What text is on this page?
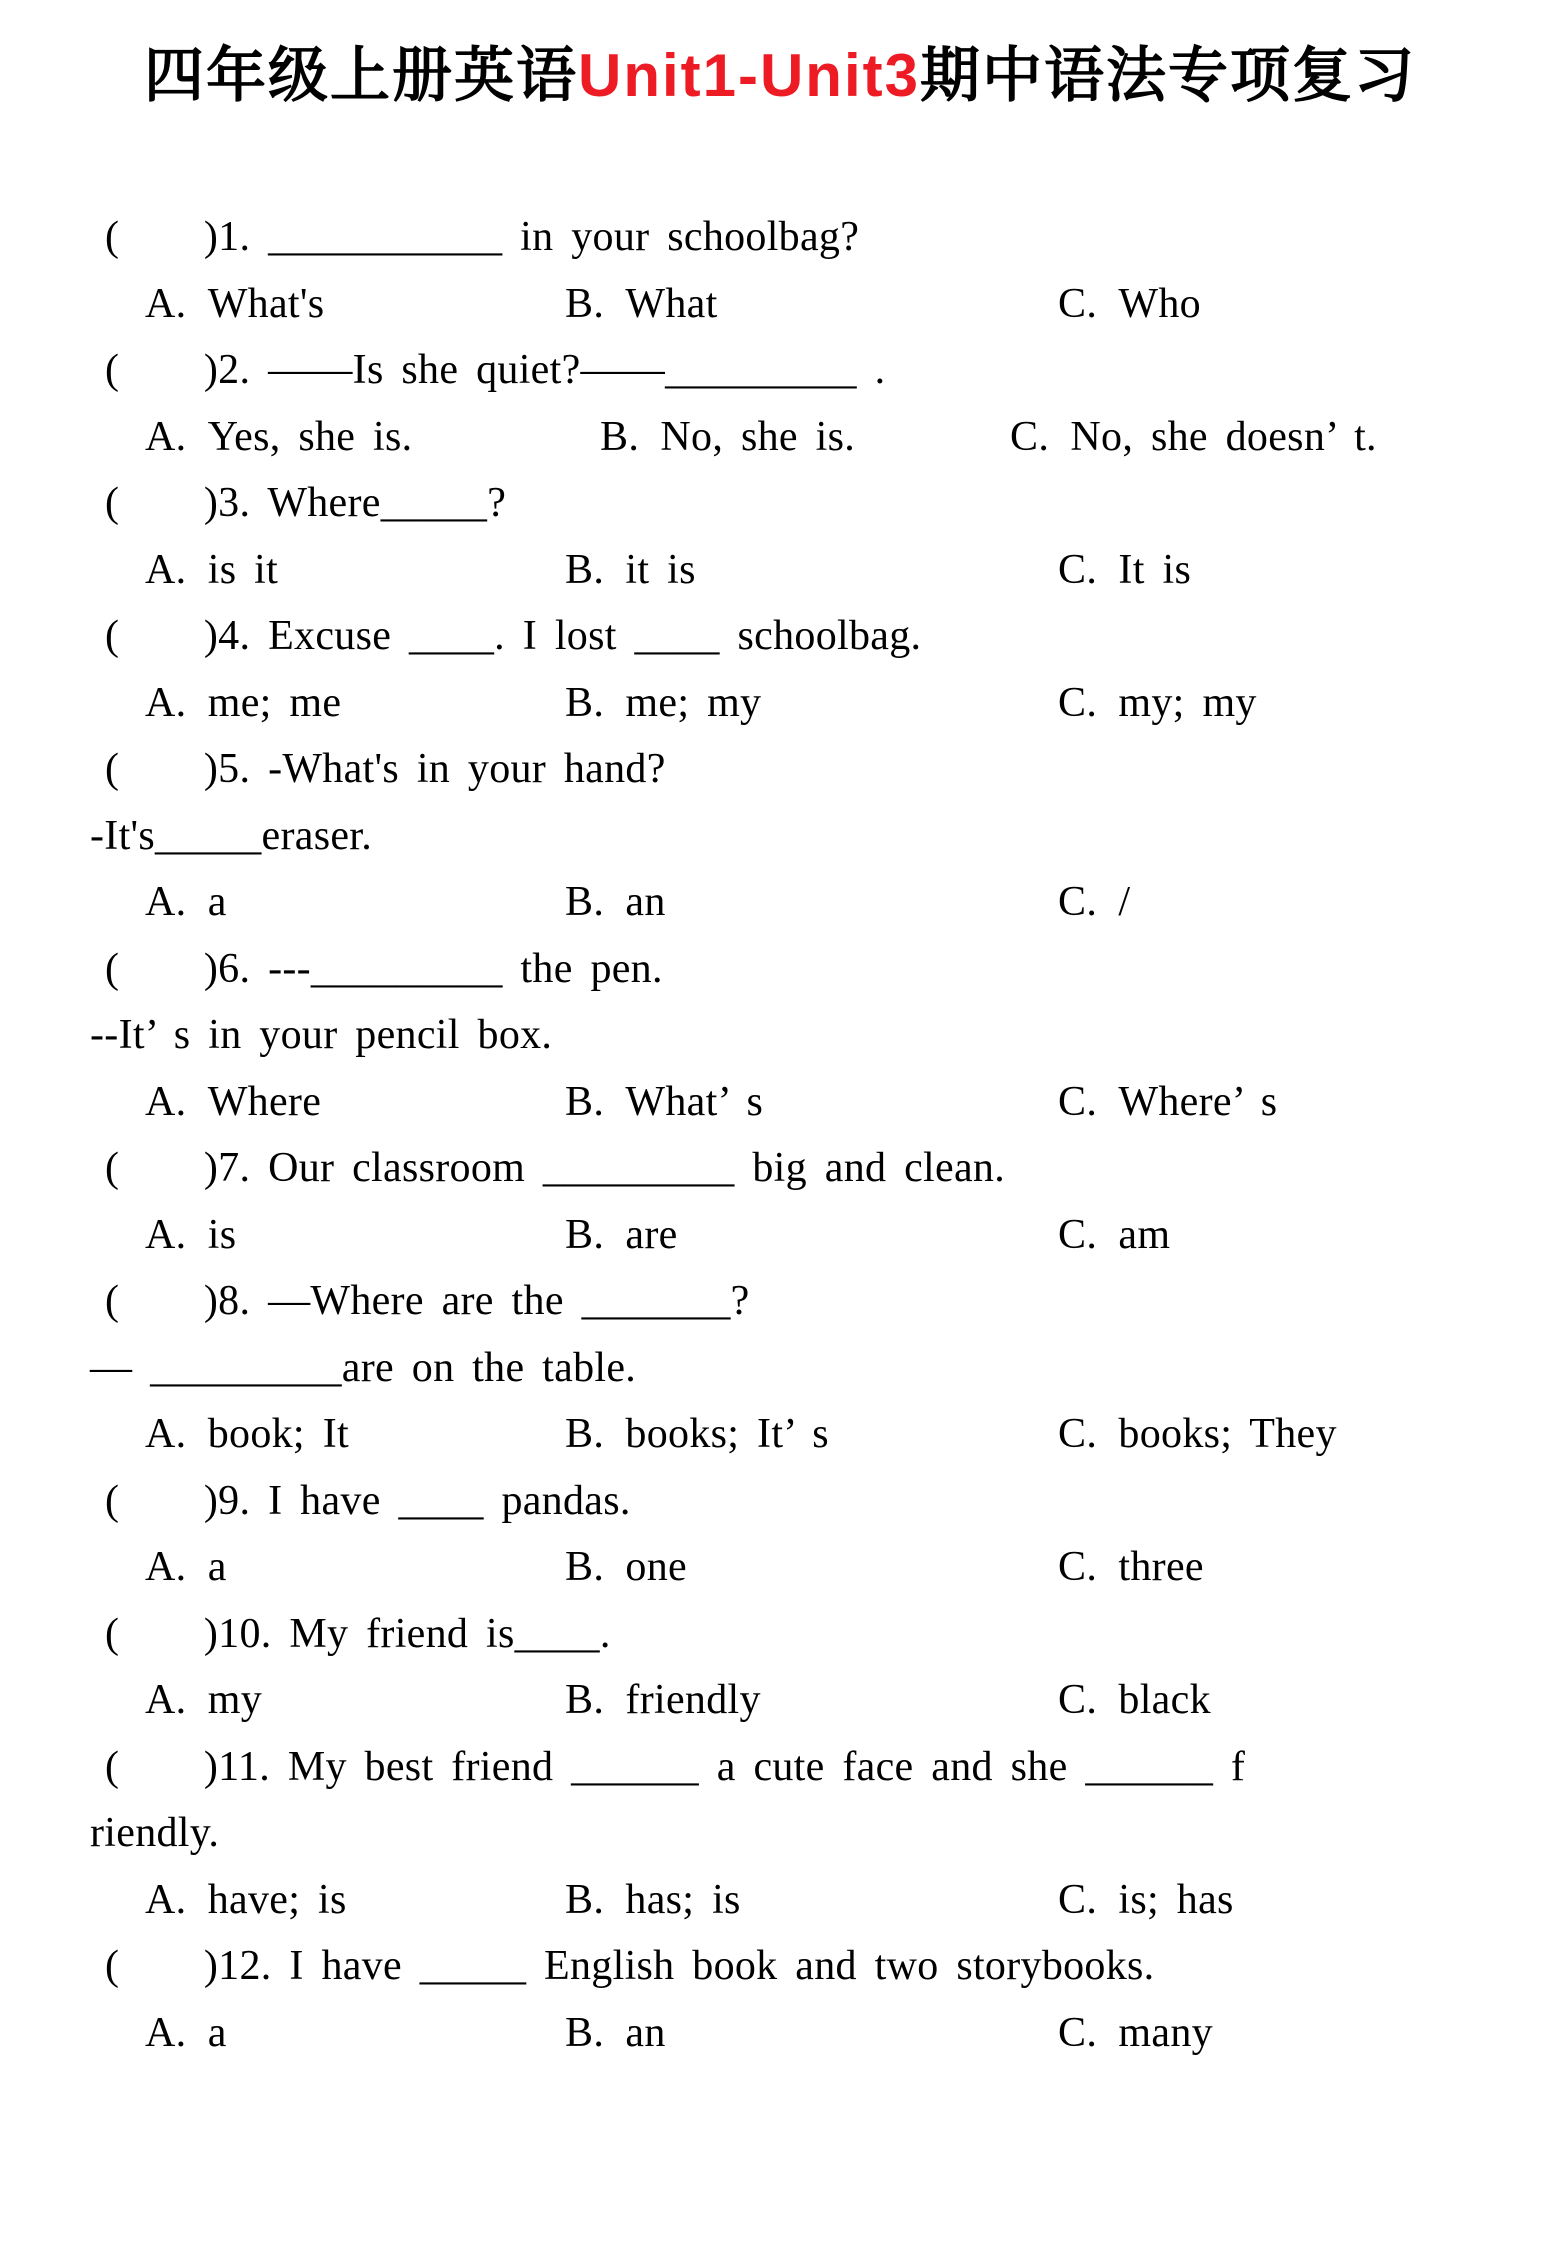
四年级上册英语Unit1-Unit3期中语法专项复习
(  )1. ___________ in your schoolbag?
A. What's	B. What	C. Who
(  )2. ——Is she quiet?——_________ .
A. Yes, she is.	B. No, she is.	C. No, she doesn’ t.
(  )3. Where_____?
A. is it	B. it is	C. It is
(  )4. Excuse ____. I lost ____ schoolbag.
A. me; me	B. me; my	C. my; my
(  )5. -What's in your hand?
-It's_____eraser.
A. a	B. an	C. /
(  )6. ---_________ the pen.
--It’ s in your pencil box.
A. Where	B. What’ s	C. Where’ s
(  )7. Our classroom _________ big and clean.
A. is	B. are	C. am
(  )8. —Where are the _______?
— _________are on the table.
A. book; It	B. books; It’ s	C. books; They
(  )9. I have ____ pandas.
A. a	B. one	C. three
(  )10. My friend is____.
A. my	B. friendly	C. black
(  )11. My best friend ______ a cute face and she ______ f
riendly.
A. have; is	B. has; is	C. is; has
(  )12. I have _____ English book and two storybooks.
A. a	B. an	C. many
